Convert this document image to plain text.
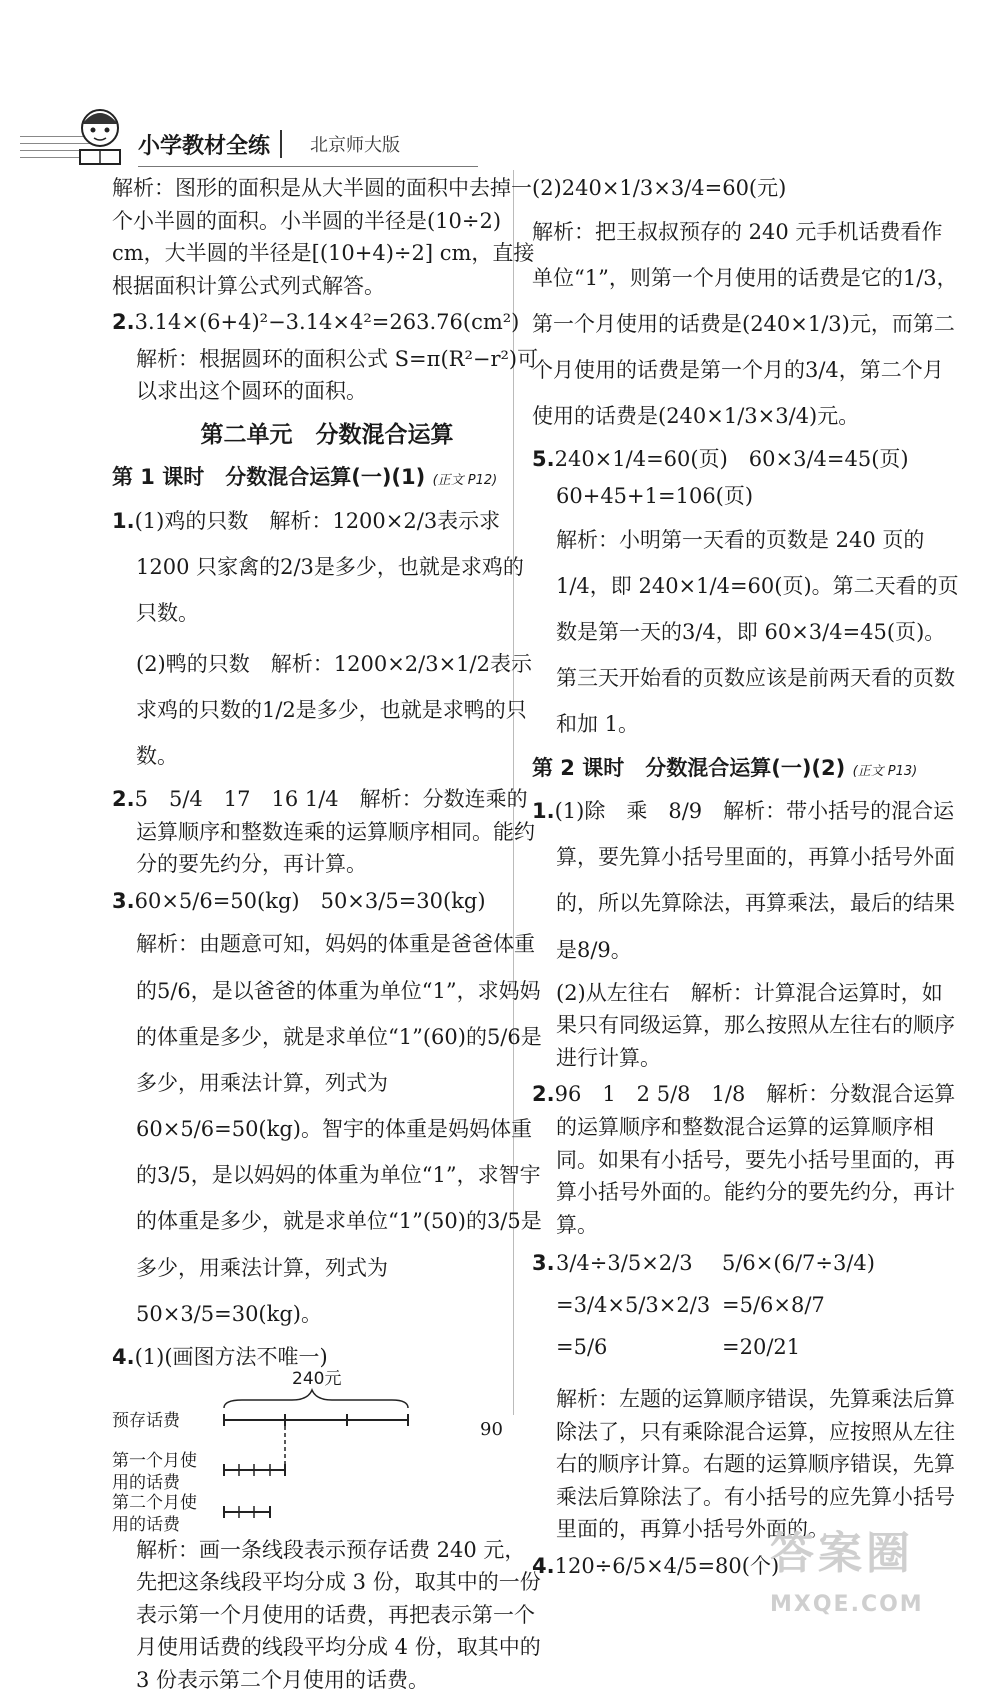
小学教材全练 北京师大版

解析：图形的面积是从大半圆的面积中去掉一个小半圆的面积。小半圆的半径是(10÷2) cm，大半圆的半径是[(10+4)÷2] cm，直接根据面积计算公式列式解答。

2.3.14×(6+4)²−3.14×4²=263.76(cm²)

解析：根据圆环的面积公式 S=π(R²−r²)可以求出这个圆环的面积。

第二单元　分数混合运算
第 1 课时　分数混合运算(一)(1) (正文 P12)

1.(1)鸡的只数　解析：1200×2/3表示求 1200 只家禽的2/3是多少，也就是求鸡的只数。

(2)鸭的只数　解析：1200×2/3×1/2表示求鸡的只数的1/2是多少，也就是求鸭的只数。

2.5　5/4　17　16 1/4　解析：分数连乘的运算顺序和整数连乘的运算顺序相同。能约分的要先约分，再计算。

3.60×5/6=50(kg)　50×3/5=30(kg)

解析：由题意可知，妈妈的体重是爸爸体重的5/6，是以爸爸的体重为单位“1”，求妈妈的体重是多少，就是求单位“1”(60)的5/6是多少，用乘法计算，列式为 60×5/6=50(kg)。智宇的体重是妈妈体重的3/5，是以妈妈的体重为单位“1”，求智宇的体重是多少，就是求单位“1”(50)的3/5是多少，用乘法计算，列式为50×3/5=30(kg)。

4.(1)(画图方法不唯一)

240元
预存话费
第一个月使用的话费
第二个月使用的话费

解析：画一条线段表示预存话费 240 元，先把这条线段平均分成 3 份，取其中的一份表示第一个月使用的话费，再把表示第一个月使用话费的线段平均分成 4 份，取其中的 3 份表示第二个月使用的话费。

(2)240×1/3×3/4=60(元)

解析：把王叔叔预存的 240 元手机话费看作单位“1”，则第一个月使用的话费是它的1/3，第一个月使用的话费是(240×1/3)元，而第二个月使用的话费是第一个月的3/4，第二个月使用的话费是(240×1/3×3/4)元。

5.240×1/4=60(页)　60×3/4=45(页)

60+45+1=106(页)

解析：小明第一天看的页数是 240 页的1/4，即 240×1/4=60(页)。第二天看的页数是第一天的3/4，即 60×3/4=45(页)。第三天开始看的页数应该是前两天看的页数和加 1。

第 2 课时　分数混合运算(一)(2) (正文 P13)

1.(1)除　乘　8/9　解析：带小括号的混合运算，要先算小括号里面的，再算小括号外面的，所以先算除法，再算乘法，最后的结果是8/9。

(2)从左往右　解析：计算混合运算时，如果只有同级运算，那么按照从左往右的顺序进行计算。

2.96　1　2 5/8　1/8　解析：分数混合运算的运算顺序和整数混合运算的运算顺序相同。如果有小括号，要先小括号里面的，再算小括号外面的。能约分的要先约分，再计算。

3. 3/4÷3/5×2/3
=3/4×5/3×2/3
=5/6
5/6×(6/7÷3/4)
=5/6×8/7
=20/21

解析：左题的运算顺序错误，先算乘法后算除法了，只有乘除混合运算，应按照从左往右的顺序计算。右题的运算顺序错误，先算乘法后算除法了。有小括号的应先算小括号里面的，再算小括号外面的。

4.120÷6/5×4/5=80(个)

90
答案圈
MXQE.COM
